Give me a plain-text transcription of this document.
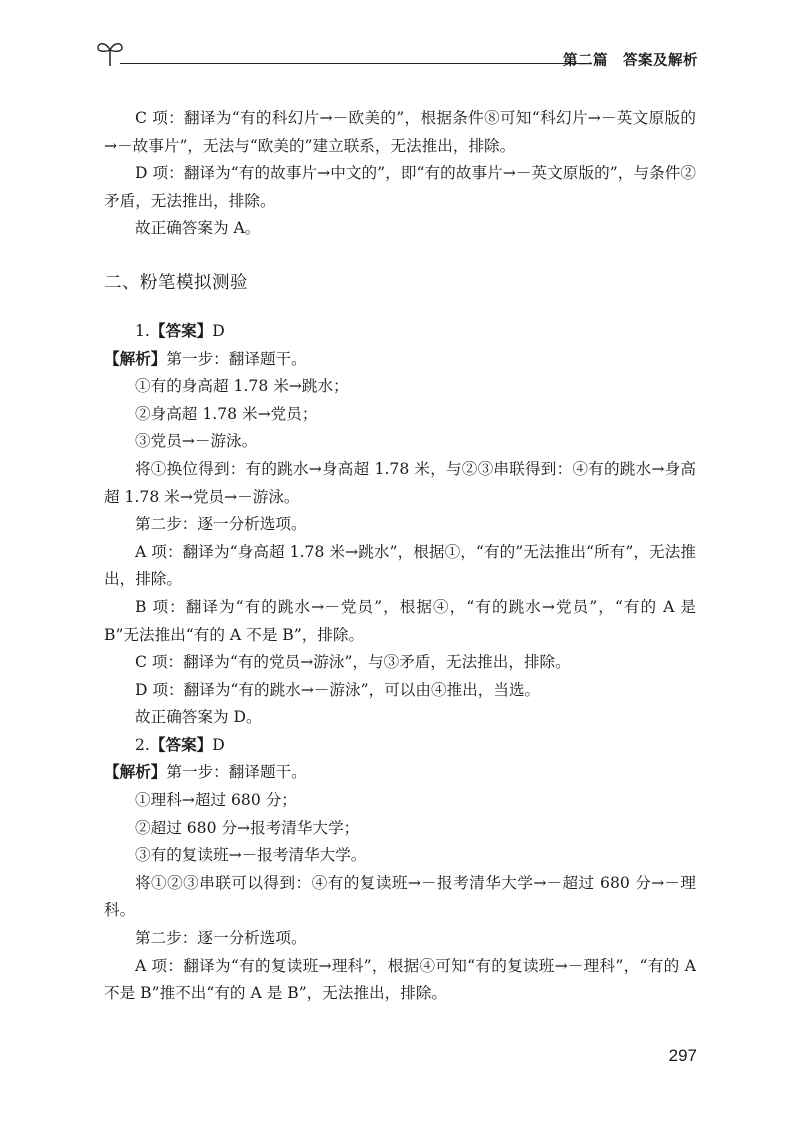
第二篇　答案及解析

C 项：翻译为“有的科幻片→－欧美的”，根据条件⑧可知“科幻片→－英文原版的→－故事片”，无法与“欧美的”建立联系，无法推出，排除。

D 项：翻译为“有的故事片→中文的”，即“有的故事片→－英文原版的”，与条件②矛盾，无法推出，排除。

故正确答案为 A。

二、粉笔模拟测验

1.【答案】D

【解析】第一步：翻译题干。

①有的身高超 1.78 米→跳水；

②身高超 1.78 米→党员；

③党员→－游泳。

将①换位得到：有的跳水→身高超 1.78 米，与②③串联得到：④有的跳水→身高超 1.78 米→党员→－游泳。

第二步：逐一分析选项。

A 项：翻译为“身高超 1.78 米→跳水”，根据①，“有的”无法推出“所有”，无法推出，排除。

B 项：翻译为“有的跳水→－党员”，根据④，“有的跳水→党员”，“有的 A 是 B”无法推出“有的 A 不是 B”，排除。

C 项：翻译为“有的党员→游泳”，与③矛盾，无法推出，排除。

D 项：翻译为“有的跳水→－游泳”，可以由④推出，当选。

故正确答案为 D。

2.【答案】D

【解析】第一步：翻译题干。

①理科→超过 680 分；

②超过 680 分→报考清华大学；

③有的复读班→－报考清华大学。

将①②③串联可以得到：④有的复读班→－报考清华大学→－超过 680 分→－理科。

第二步：逐一分析选项。

A 项：翻译为“有的复读班→理科”，根据④可知“有的复读班→－理科”，“有的 A 不是 B”推不出“有的 A 是 B”，无法推出，排除。

297
